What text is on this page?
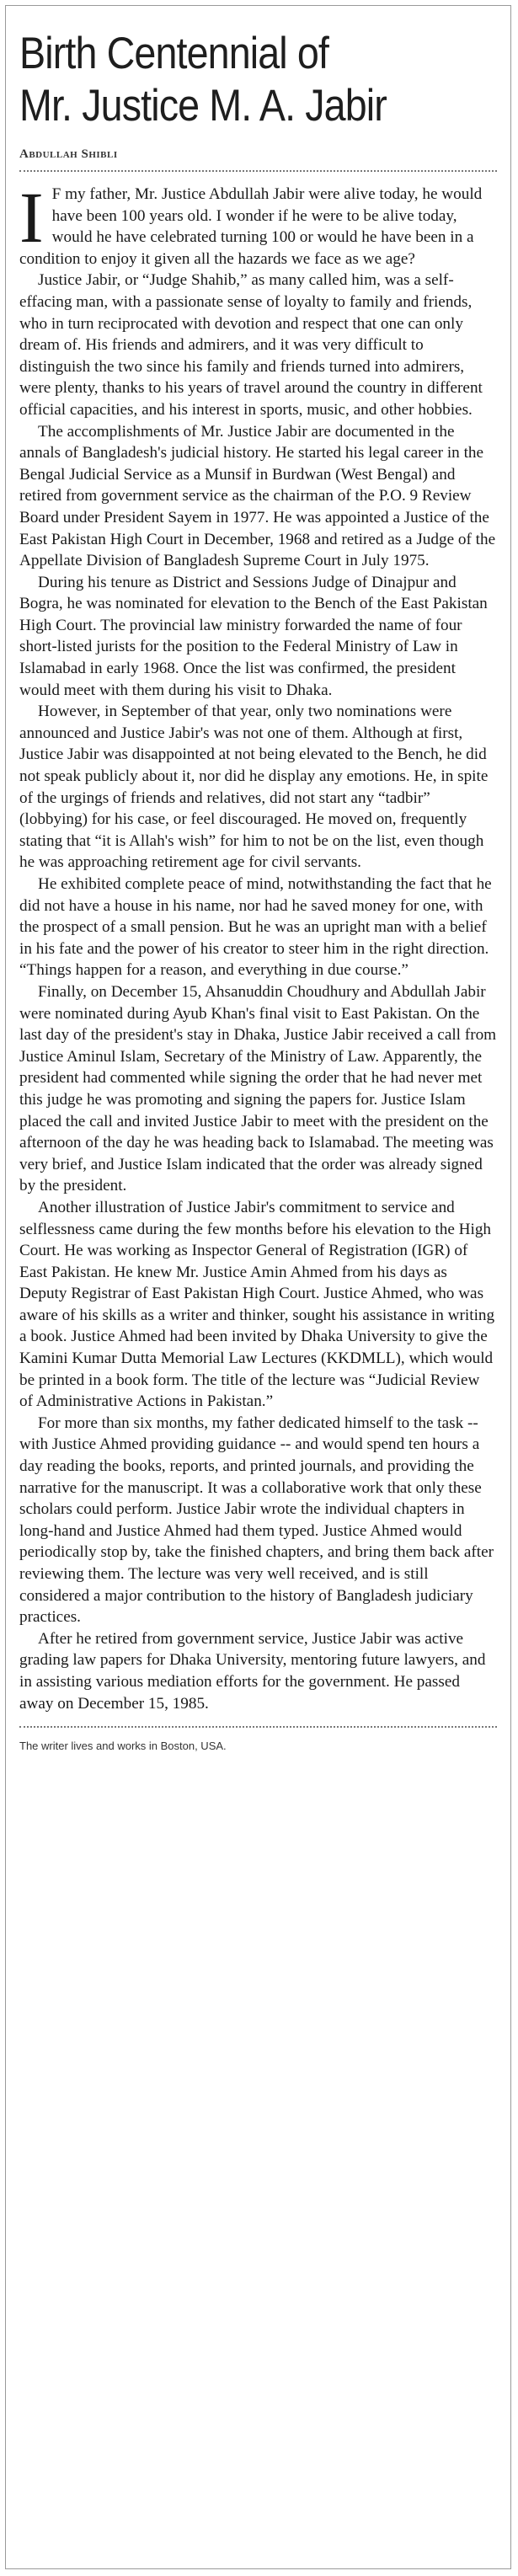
Birth Centennial of
Mr. Justice M. A. Jabir
Abdullah Shibli

I F my father, Mr. Justice Abdullah Jabir were alive today, he would have been 100 years old. I wonder if he were to be alive today, would he have celebrated turning 100 or would he have been in a condition to enjoy it given all the hazards we face as we age?

Justice Jabir, or “Judge Shahib,” as many called him, was a self-effacing man, with a passionate sense of loyalty to family and friends, who in turn reciprocated with devotion and respect that one can only dream of. His friends and admirers, and it was very difficult to distinguish the two since his family and friends turned into admirers, were plenty, thanks to his years of travel around the country in different official capacities, and his interest in sports, music, and other hobbies.

The accomplishments of Mr. Justice Jabir are documented in the annals of Bangladesh's judicial history. He started his legal career in the Bengal Judicial Service as a Munsif in Burdwan (West Bengal) and retired from government service as the chairman of the P.O. 9 Review Board under President Sayem in 1977. He was appointed a Justice of the East Pakistan High Court in December, 1968 and retired as a Judge of the Appellate Division of Bangladesh Supreme Court in July 1975.

During his tenure as District and Sessions Judge of Dinajpur and Bogra, he was nominated for elevation to the Bench of the East Pakistan High Court. The provincial law ministry forwarded the name of four short-listed jurists for the position to the Federal Ministry of Law in Islamabad in early 1968. Once the list was confirmed, the president would meet with them during his visit to Dhaka.

However, in September of that year, only two nominations were announced and Justice Jabir's was not one of them. Although at first, Justice Jabir was disappointed at not being elevated to the Bench, he did not speak publicly about it, nor did he display any emotions. He, in spite of the urgings of friends and relatives, did not start any “tadbir” (lobbying) for his case, or feel discouraged. He moved on, frequently stating that “it is Allah's wish” for him to not be on the list, even though he was approaching retirement age for civil servants.

He exhibited complete peace of mind, notwithstanding the fact that he did not have a house in his name, nor had he saved money for one, with the prospect of a small pension. But he was an upright man with a belief in his fate and the power of his creator to steer him in the right direction. “Things happen for a reason, and everything in due course.”

Finally, on December 15, Ahsanuddin Choudhury and Abdullah Jabir were nominated during Ayub Khan's final visit to East Pakistan. On the last day of the president's stay in Dhaka, Justice Jabir received a call from Justice Aminul Islam, Secretary of the Ministry of Law. Apparently, the president had commented while signing the order that he had never met this judge he was promoting and signing the papers for. Justice Islam placed the call and invited Justice Jabir to meet with the president on the afternoon of the day he was heading back to Islamabad. The meeting was very brief, and Justice Islam indicated that the order was already signed by the president.

Another illustration of Justice Jabir's commitment to service and selflessness came during the few months before his elevation to the High Court. He was working as Inspector General of Registration (IGR) of East Pakistan. He knew Mr. Justice Amin Ahmed from his days as Deputy Registrar of East Pakistan High Court. Justice Ahmed, who was aware of his skills as a writer and thinker, sought his assistance in writing a book. Justice Ahmed had been invited by Dhaka University to give the Kamini Kumar Dutta Memorial Law Lectures (KKDMLL), which would be printed in a book form. The title of the lecture was “Judicial Review of Administrative Actions in Pakistan.”

For more than six months, my father dedicated himself to the task -- with Justice Ahmed providing guidance -- and would spend ten hours a day reading the books, reports, and printed journals, and providing the narrative for the manuscript. It was a collaborative work that only these scholars could perform. Justice Jabir wrote the individual chapters in long-hand and Justice Ahmed had them typed. Justice Ahmed would periodically stop by, take the finished chapters, and bring them back after reviewing them. The lecture was very well received, and is still considered a major contribution to the history of Bangladesh judiciary practices.

After he retired from government service, Justice Jabir was active grading law papers for Dhaka University, mentoring future lawyers, and in assisting various mediation efforts for the government. He passed away on December 15, 1985.

The writer lives and works in Boston, USA.
